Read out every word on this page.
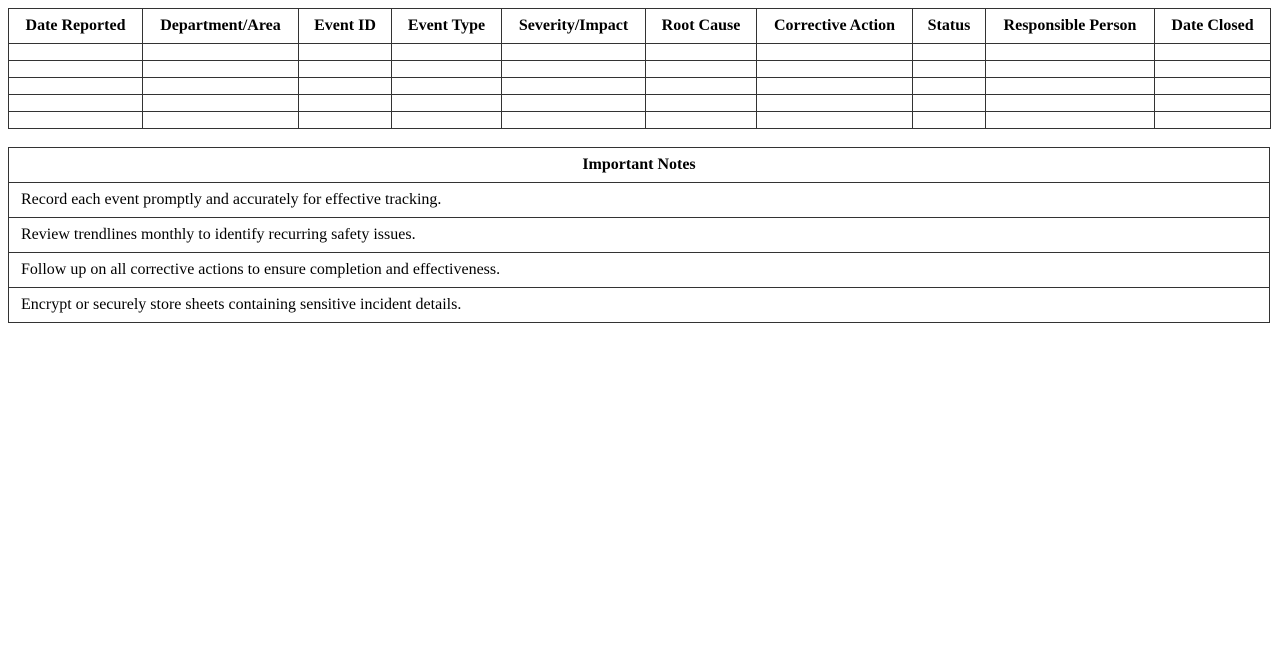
Date Reported	Department/Area	Event ID	Event Type	Severity/Impact	Root Cause	Corrective Action	Status	Responsible Person	Date Closed

Important Notes
Record each event promptly and accurately for effective tracking.
Review trendlines monthly to identify recurring safety issues.
Follow up on all corrective actions to ensure completion and effectiveness.
Encrypt or securely store sheets containing sensitive incident details.
